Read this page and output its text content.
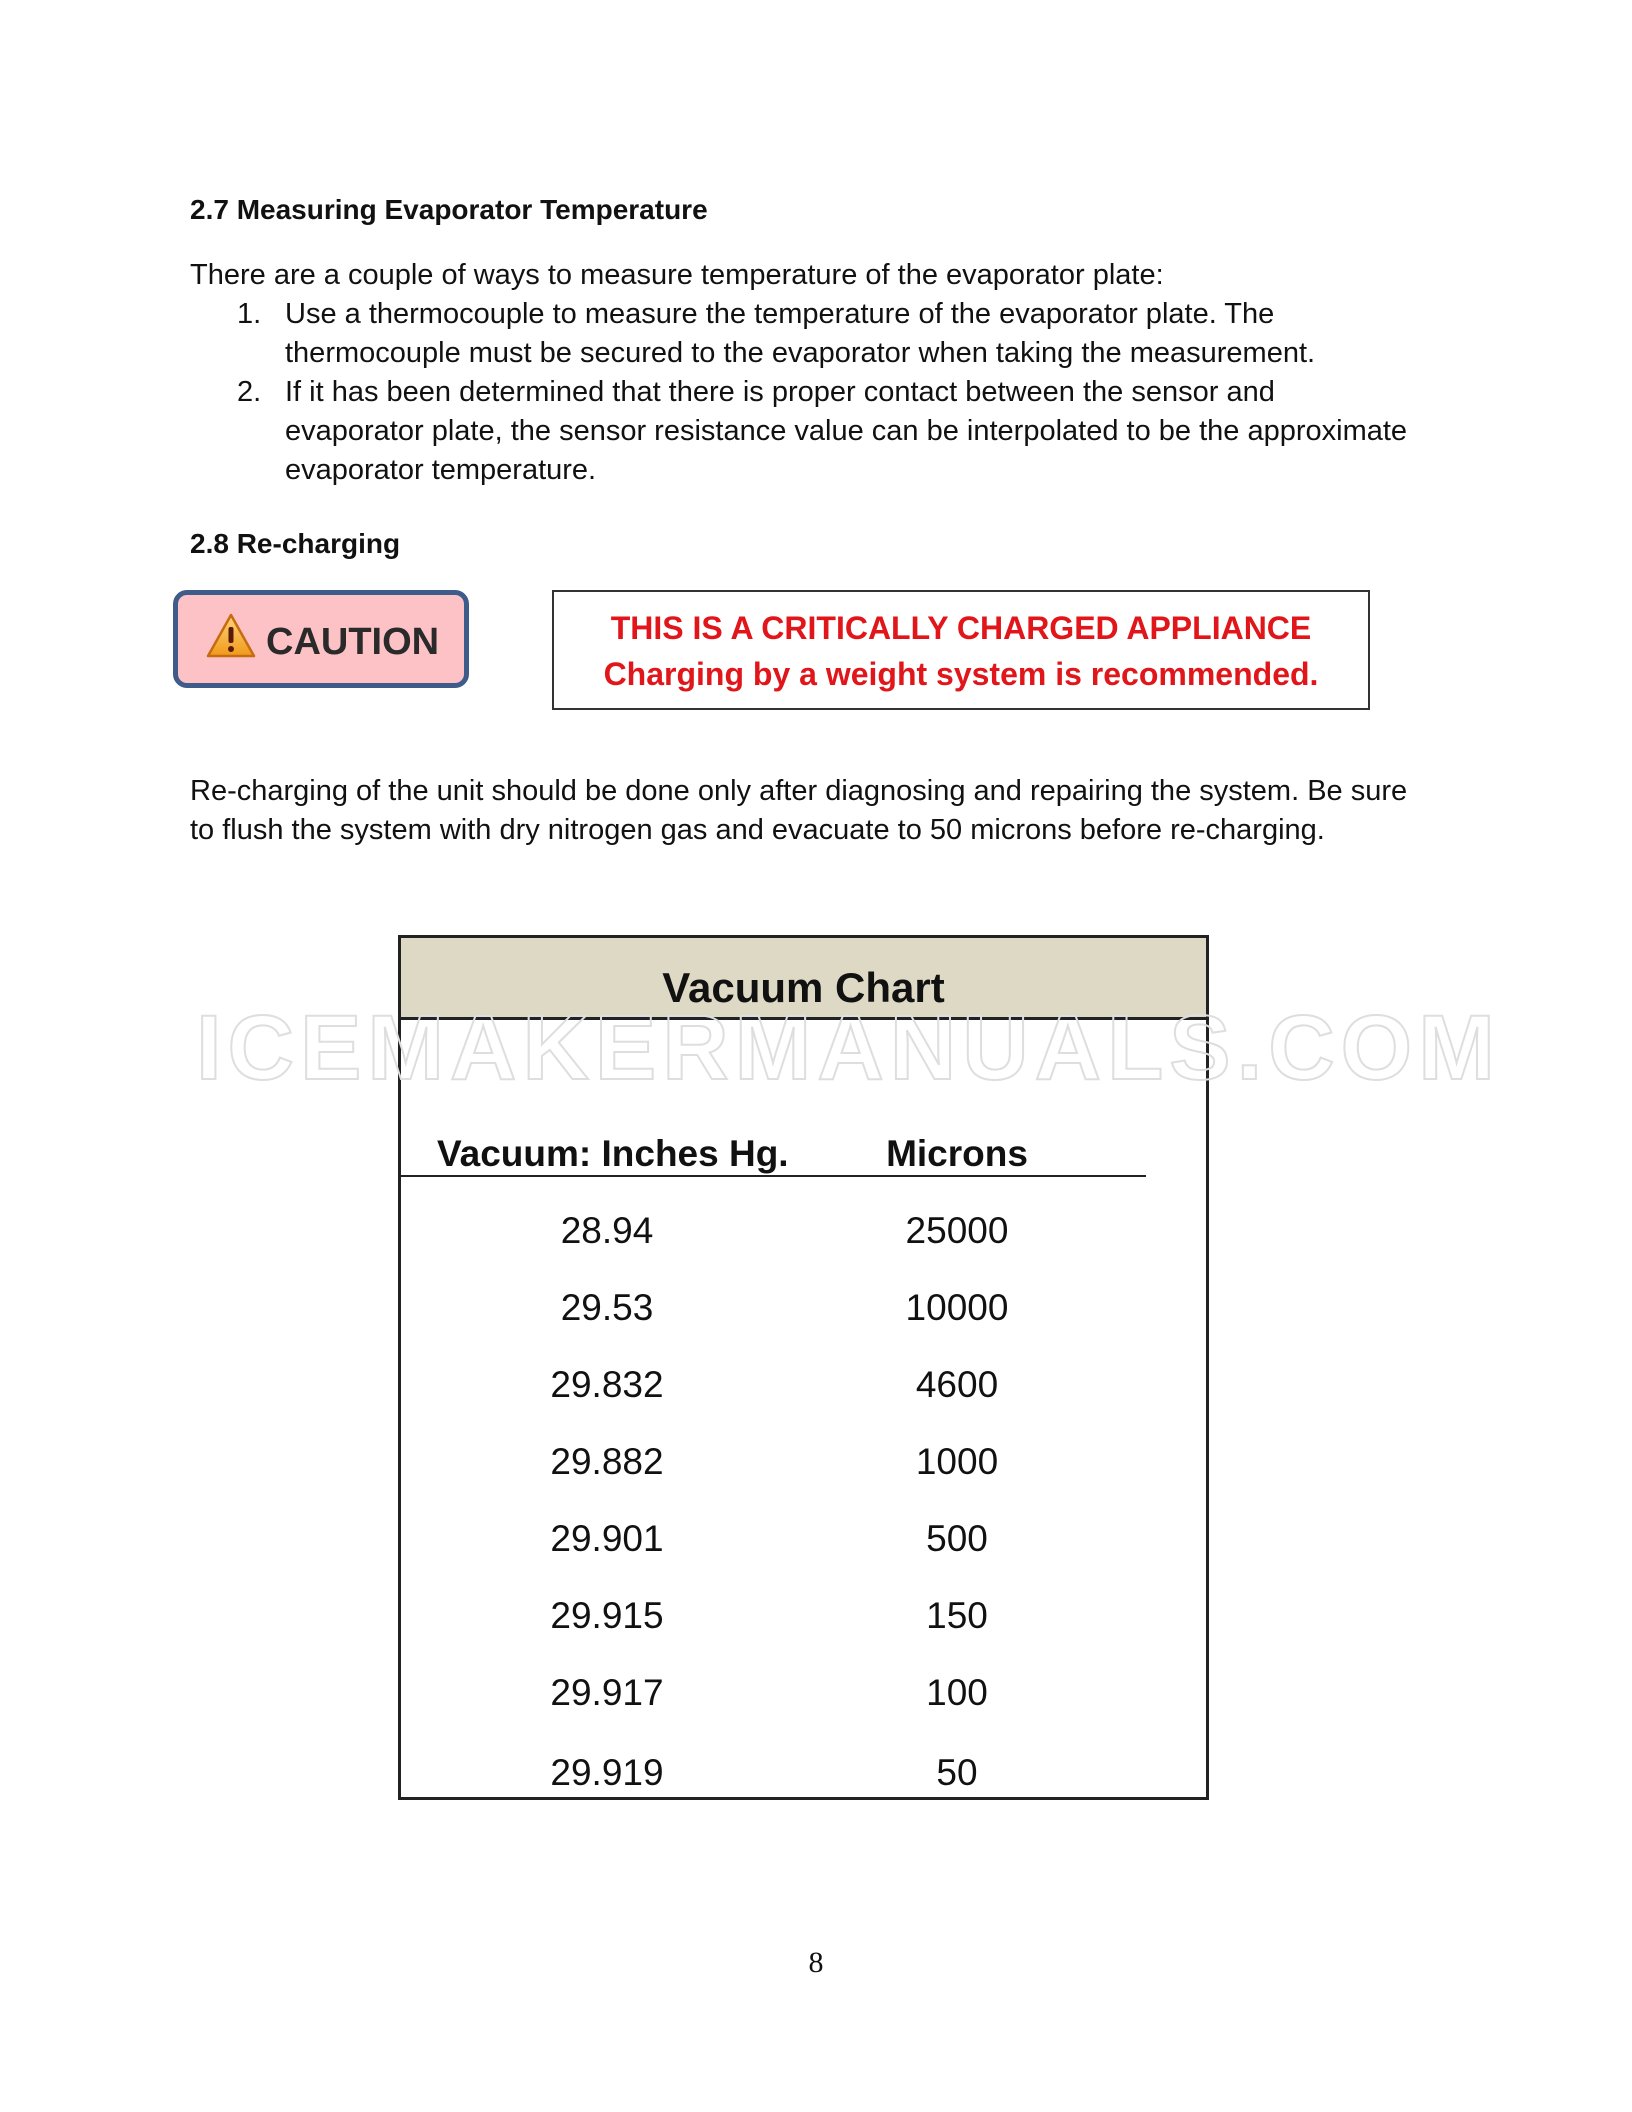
2.7 Measuring Evaporator Temperature
There are a couple of ways to measure temperature of the evaporator plate:
1. Use a thermocouple to measure the temperature of the evaporator plate. The
thermocouple must be secured to the evaporator when taking the measurement.
2. If it has been determined that there is proper contact between the sensor and
evaporator plate, the sensor resistance value can be interpolated to be the approximate
evaporator temperature.
2.8 Re-charging
CAUTION	THIS IS A CRITICALLY CHARGED APPLIANCE
Charging by a weight system is recommended.
Re-charging of the unit should be done only after diagnosing and repairing the system. Be sure
to flush the system with dry nitrogen gas and evacuate to 50 microns before re-charging.
Vacuum Chart
Vacuum: Inches Hg.	Microns
28.94	25000
29.53	10000
29.832	4600
29.882	1000
29.901	500
29.915	150
29.917	100
29.919	50
ICEMAKERMANUALS.COM
8
